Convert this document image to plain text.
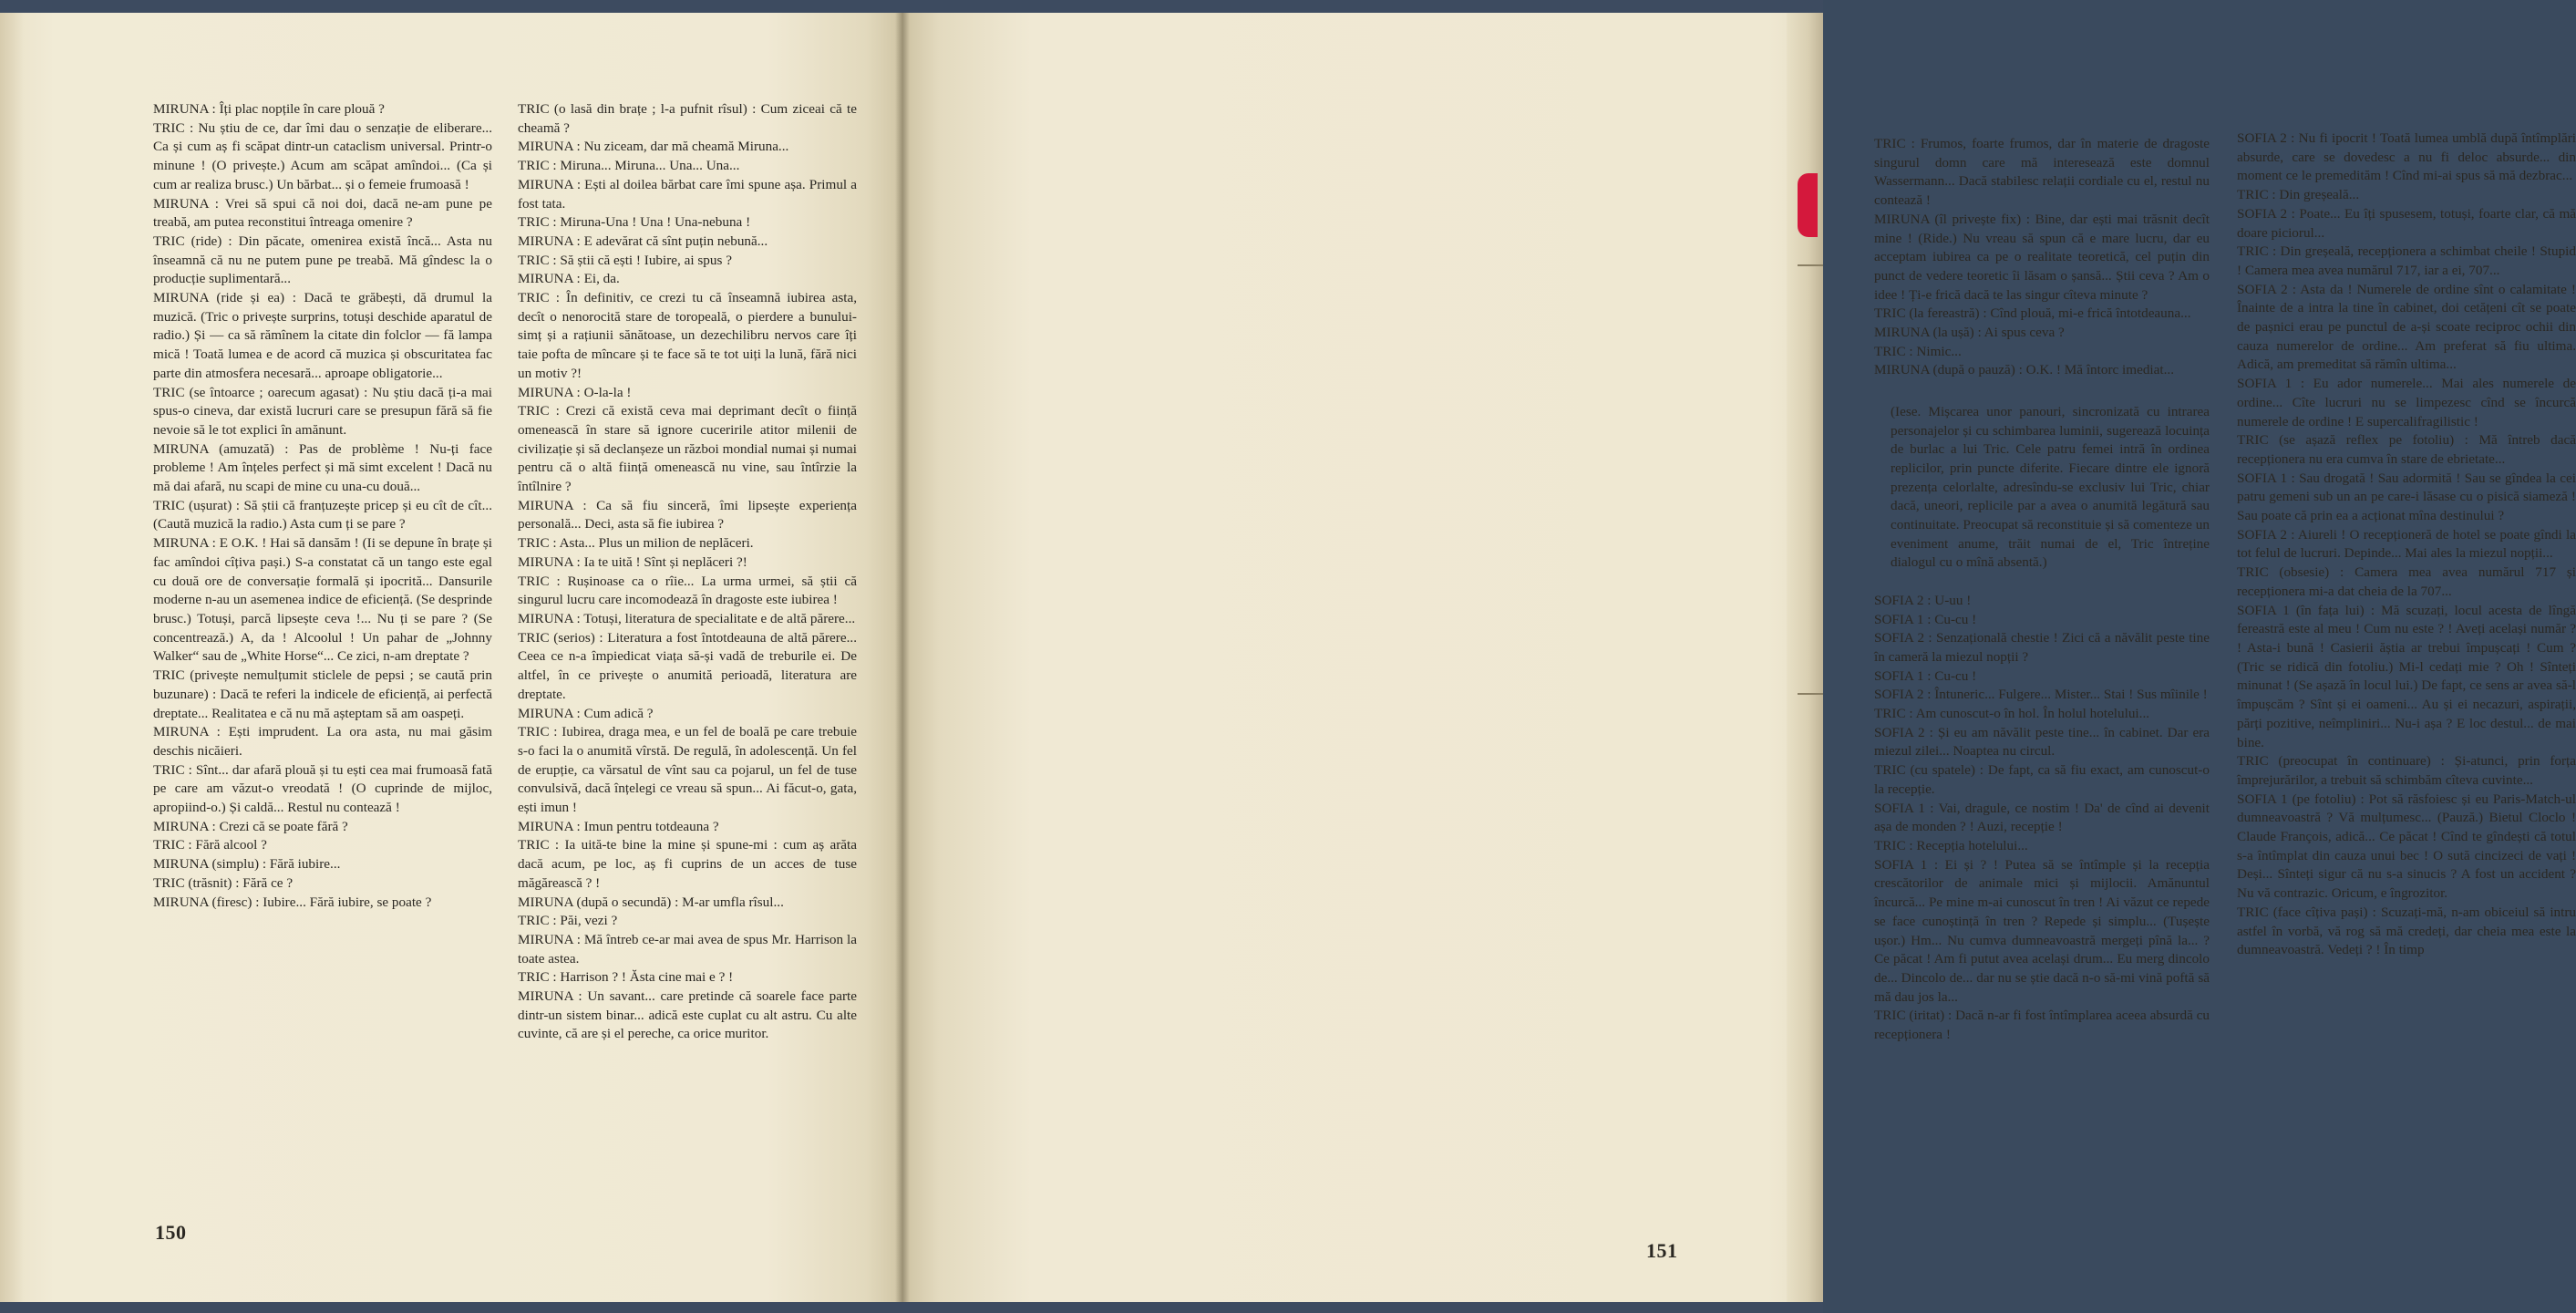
MIRUNA : Îți plac nopțile în care plouă ?

TRIC : Nu știu de ce, dar îmi dau o senzație de eliberare... Ca și cum aș fi scăpat dintr-un cataclism universal. Printr-o minune ! (O privește.) Acum am scăpat amîndoi... (Ca și cum ar realiza brusc.) Un bărbat... și o femeie frumoasă !

MIRUNA : Vrei să spui că noi doi, dacă ne-am pune pe treabă, am putea reconstitui întreaga omenire ?

TRIC (ride) : Din păcate, omenirea există încă... Asta nu înseamnă că nu ne putem pune pe treabă. Mă gîndesc la o producție suplimentară...

MIRUNA (ride și ea) : Dacă te grăbești, dă drumul la muzică. (Tric o privește surprins, totuși deschide aparatul de radio.) Și — ca să rămînem la citate din folclor — fă lampa mică ! Toată lumea e de acord că muzica și obscuritatea fac parte din atmosfera necesară... aproape obligatorie...

TRIC (se întoarce ; oarecum agasat) : Nu știu dacă ți-a mai spus-o cineva, dar există lucruri care se presupun fără să fie nevoie să le tot explici în amănunt.

MIRUNA (amuzată) : Pas de problème ! Nu-ți face probleme ! Am înțeles perfect și mă simt excelent ! Dacă nu mă dai afară, nu scapi de mine cu una-cu două...

TRIC (ușurat) : Să știi că franțuzește pricep și eu cît de cît... (Caută muzică la radio.) Asta cum ți se pare ?

MIRUNA : E O.K. ! Hai să dansăm ! (Ii se depune în brațe și fac amîndoi cîțiva pași.) S-a constatat că un tango este egal cu două ore de conversație formală și ipocrită... Dansurile moderne n-au un asemenea indice de eficiență. (Se desprinde brusc.) Totuși, parcă lipsește ceva !... Nu ți se pare ? (Se concentrează.) A, da ! Alcoolul ! Un pahar de „Johnny Walker“ sau de „White Horse“... Ce zici, n-am dreptate ?

TRIC (privește nemulțumit sticlele de pepsi ; se caută prin buzunare) : Dacă te referi la indicele de eficiență, ai perfectă dreptate... Realitatea e că nu mă așteptam să am oaspeți.

MIRUNA : Ești imprudent. La ora asta, nu mai găsim deschis nicăieri.

TRIC : Sînt... dar afară plouă și tu ești cea mai frumoasă fată pe care am văzut-o vreodată ! (O cuprinde de mijloc, apropiind-o.) Și caldă... Restul nu contează !

MIRUNA : Crezi că se poate fără ?

TRIC : Fără alcool ?

MIRUNA (simplu) : Fără iubire...

TRIC (trăsnit) : Fără ce ?

MIRUNA (firesc) : Iubire... Fără iubire, se poate ?

TRIC (o lasă din brațe ; l-a pufnit rîsul) : Cum ziceai că te cheamă ?

MIRUNA : Nu ziceam, dar mă cheamă Miruna...

TRIC : Miruna... Miruna... Una... Una...

MIRUNA : Ești al doilea bărbat care îmi spune așa. Primul a fost tata.

TRIC : Miruna-Una ! Una ! Una-nebuna !

MIRUNA : E adevărat că sînt puțin nebună...

TRIC : Să știi că ești ! Iubire, ai spus ?

MIRUNA : Ei, da.

TRIC : În definitiv, ce crezi tu că înseamnă iubirea asta, decît o nenorocită stare de toropeală, o pierdere a bunului-simț și a rațiunii sănătoase, un dezechilibru nervos care îți taie pofta de mîncare și te face să te tot uiți la lună, fără nici un motiv ?!

MIRUNA : O-la-la !

TRIC : Crezi că există ceva mai deprimant decît o ființă omenească în stare să ignore cuceririle atitor milenii de civilizație și să declanșeze un război mondial numai și numai pentru că o altă ființă omenească nu vine, sau întîrzie la întîlnire ?

MIRUNA : Ca să fiu sinceră, îmi lipsește experiența personală... Deci, asta să fie iubirea ?

TRIC : Asta... Plus un milion de neplăceri.

MIRUNA : Ia te uită ! Sînt și neplăceri ?!

TRIC : Rușinoase ca o rîie... La urma urmei, să știi că singurul lucru care incomodează în dragoste este iubirea !

MIRUNA : Totuși, literatura de specialitate e de altă părere...

TRIC (serios) : Literatura a fost întotdeauna de altă părere... Ceea ce n-a împiedicat viața să-și vadă de treburile ei. De altfel, în ce privește o anumită perioadă, literatura are dreptate.

MIRUNA : Cum adică ?

TRIC : Iubirea, draga mea, e un fel de boală pe care trebuie s-o faci la o anumită vîrstă. De regulă, în adolescență. Un fel de erupție, ca vărsatul de vînt sau ca pojarul, un fel de tuse convulsivă, dacă înțelegi ce vreau să spun... Ai făcut-o, gata, ești imun !

MIRUNA : Imun pentru totdeauna ?

TRIC : Ia uită-te bine la mine și spune-mi : cum aș arăta dacă acum, pe loc, aș fi cuprins de un acces de tuse măgărească ? !

MIRUNA (după o secundă) : M-ar umfla rîsul...

TRIC : Păi, vezi ?

MIRUNA : Mă întreb ce-ar mai avea de spus Mr. Harrison la toate astea.

TRIC : Harrison ? ! Ăsta cine mai e ? !

MIRUNA : Un savant... care pretinde că soarele face parte dintr-un sistem binar... adică este cuplat cu alt astru. Cu alte cuvinte, că are și el pereche, ca orice muritor.

150

TRIC : Frumos, foarte frumos, dar în materie de dragoste singurul domn care mă interesează este domnul Wassermann... Dacă stabilesc relații cordiale cu el, restul nu contează !

MIRUNA (îl privește fix) : Bine, dar ești mai trăsnit decît mine ! (Ride.) Nu vreau să spun că e mare lucru, dar eu acceptam iubirea ca pe o realitate teoretică, cel puțin din punct de vedere teoretic îi lăsam o șansă... Știi ceva ? Am o idee ! Ți-e frică dacă te las singur cîteva minute ?

TRIC (la fereastră) : Cînd plouă, mi-e frică întotdeauna...

MIRUNA (la ușă) : Ai spus ceva ?

TRIC : Nimic...

MIRUNA (după o pauză) : O.K. ! Mă întorc imediat...

(Iese. Mișcarea unor panouri, sincronizată cu intrarea personajelor și cu schimbarea luminii, sugerează locuința de burlac a lui Tric. Cele patru femei intră în ordinea replicilor, prin puncte diferite. Fiecare dintre ele ignoră prezența celorlalte, adresîndu-se exclusiv lui Tric, chiar dacă, uneori, replicile par a avea o anumită legătură sau continuitate. Preocupat să reconstituie și să comenteze un eveniment anume, trăit numai de el, Tric întreține dialogul cu o mînă absentă.)

SOFIA 2 : U-uu !

SOFIA 1 : Cu-cu !

SOFIA 2 : Senzațională chestie ! Zici că a năvălit peste tine în cameră la miezul nopții ?

SOFIA 1 : Cu-cu !

SOFIA 2 : Întuneric... Fulgere... Mister... Stai ! Sus mîinile !

TRIC : Am cunoscut-o în hol. În holul hotelului...

SOFIA 2 : Și eu am năvălit peste tine... în cabinet. Dar era miezul zilei... Noaptea nu circul.

TRIC (cu spatele) : De fapt, ca să fiu exact, am cunoscut-o la recepție.

SOFIA 1 : Vai, dragule, ce nostim ! Da' de cînd ai devenit așa de monden ? ! Auzi, recepție !

TRIC : Recepția hotelului...

SOFIA 1 : Ei și ? ! Putea să se întîmple și la recepția crescătorilor de animale mici și mijlocii. Amănuntul încurcă... Pe mine m-ai cunoscut în tren ! Ai văzut ce repede se face cunoștință în tren ? Repede și simplu... (Tușește ușor.) Hm... Nu cumva dumneavoastră mergeți pînă la... ? Ce păcat ! Am fi putut avea același drum... Eu merg dincolo de... Dincolo de... dar nu se știe dacă n-o să-mi vină poftă să mă dau jos la...

TRIC (iritat) : Dacă n-ar fi fost întîmplarea aceea absurdă cu recepționera !

SOFIA 2 : Nu fi ipocrit ! Toată lumea umblă după întîmplări absurde, care se dovedesc a nu fi deloc absurde... din moment ce le premedităm ! Cînd mi-ai spus să mă dezbrac...

TRIC : Din greșeală...

SOFIA 2 : Poate... Eu îți spusesem, totuși, foarte clar, că mă doare piciorul...

TRIC : Din greșeală, recepționera a schimbat cheile ! Stupid ! Camera mea avea numărul 717, iar a ei, 707...

SOFIA 2 : Asta da ! Numerele de ordine sînt o calamitate ! Înainte de a intra la tine în cabinet, doi cetățeni cît se poate de pașnici erau pe punctul de a-și scoate reciproc ochii din cauza numerelor de ordine... Am preferat să fiu ultima. Adică, am premeditat să rămîn ultima...

SOFIA 1 : Eu ador numerele... Mai ales numerele de ordine... Cîte lucruri nu se limpezesc cînd se încurcă numerele de ordine ! E supercalifragilistic !

TRIC (se așază reflex pe fotoliu) : Mă întreb dacă recepționera nu era cumva în stare de ebrietate...

SOFIA 1 : Sau drogată ! Sau adormită ! Sau se gîndea la cei patru gemeni sub un an pe care-i lăsase cu o pisică siameză ! Sau poate că prin ea a acționat mîna destinului ?

SOFIA 2 : Aiureli ! O recepționeră de hotel se poate gîndi la tot felul de lucruri. Depinde... Mai ales la miezul nopții...

TRIC (obsesie) : Camera mea avea numărul 717 și recepționera mi-a dat cheia de la 707...

SOFIA 1 (în fața lui) : Mă scuzați, locul acesta de lîngă fereastră este al meu ! Cum nu este ? ! Aveți același număr ? ! Asta-i bună ! Casierii ăștia ar trebui împușcați ! Cum ? (Tric se ridică din fotoliu.) Mi-l cedați mie ? Oh ! Sînteți minunat ! (Se așază în locul lui.) De fapt, ce sens ar avea să-l împușcăm ? Sînt și ei oameni... Au și ei necazuri, aspirații, părți pozitive, neîmpliniri... Nu-i așa ? E loc destul... de mai bine.

TRIC (preocupat în continuare) : Și-atunci, prin forța împrejurărilor, a trebuit să schimbăm cîteva cuvinte...

SOFIA 1 (pe fotoliu) : Pot să răsfoiesc și eu Paris-Match-ul dumneavoastră ? Vă mulțumesc... (Pauză.) Bietul Cloclo ! Claude François, adică... Ce păcat ! Cînd te gîndești că totul s-a întîmplat din cauza unui bec ! O sută cincizeci de vați ! Deși... Sînteți sigur că nu s-a sinucis ? A fost un accident ? Nu vă contrazic. Oricum, e îngrozitor.

TRIC (face cîțiva pași) : Scuzați-mă, n-am obiceiul să intru astfel în vorbă, vă rog să mă credeți, dar cheia mea este la dumneavoastră. Vedeți ? ! În timp

151
